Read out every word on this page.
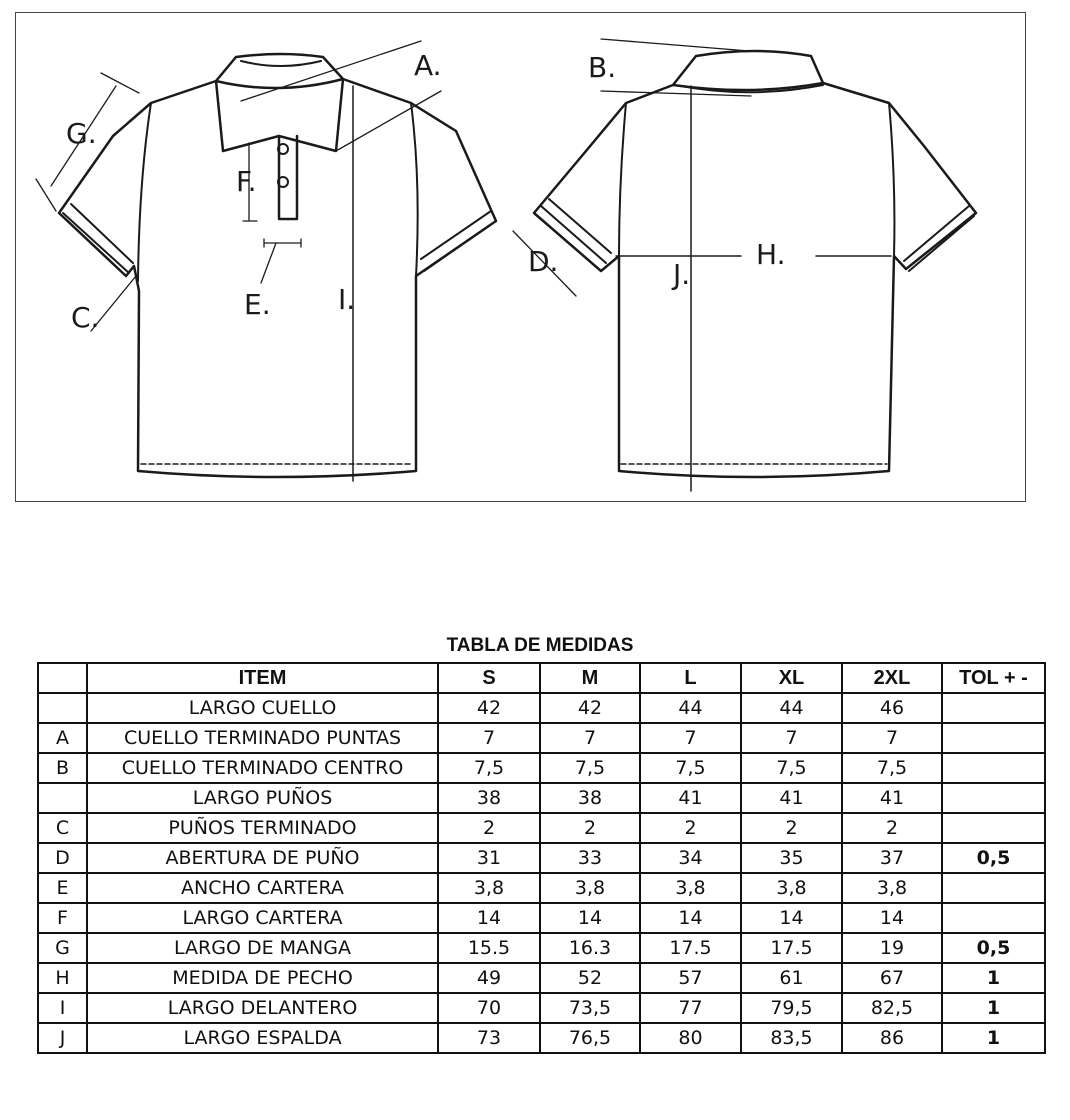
A.	B.
G.
F.
D.	H.
J.
E. I.
C.
TABLA DE MEDIDAS
	ITEM	S	M	L	XL	2XL	TOL + -
	LARGO CUELLO	42	42	44	44	46	
A	CUELLO TERMINADO PUNTAS	7	7	7	7	7	
B	CUELLO TERMINADO CENTRO	7,5	7,5	7,5	7,5	7,5	
	LARGO PUÑOS	38	38	41	41	41	
C	PUÑOS TERMINADO	2	2	2	2	2	
D	ABERTURA DE PUÑO	31	33	34	35	37	0,5
E	ANCHO CARTERA	3,8	3,8	3,8	3,8	3,8	
F	LARGO CARTERA	14	14	14	14	14	
G	LARGO DE MANGA	15.5	16.3	17.5	17.5	19	0,5
H	MEDIDA DE PECHO	49	52	57	61	67	1
I	LARGO DELANTERO	70	73,5	77	79,5	82,5	1
J	LARGO ESPALDA	73	76,5	80	83,5	86	1
